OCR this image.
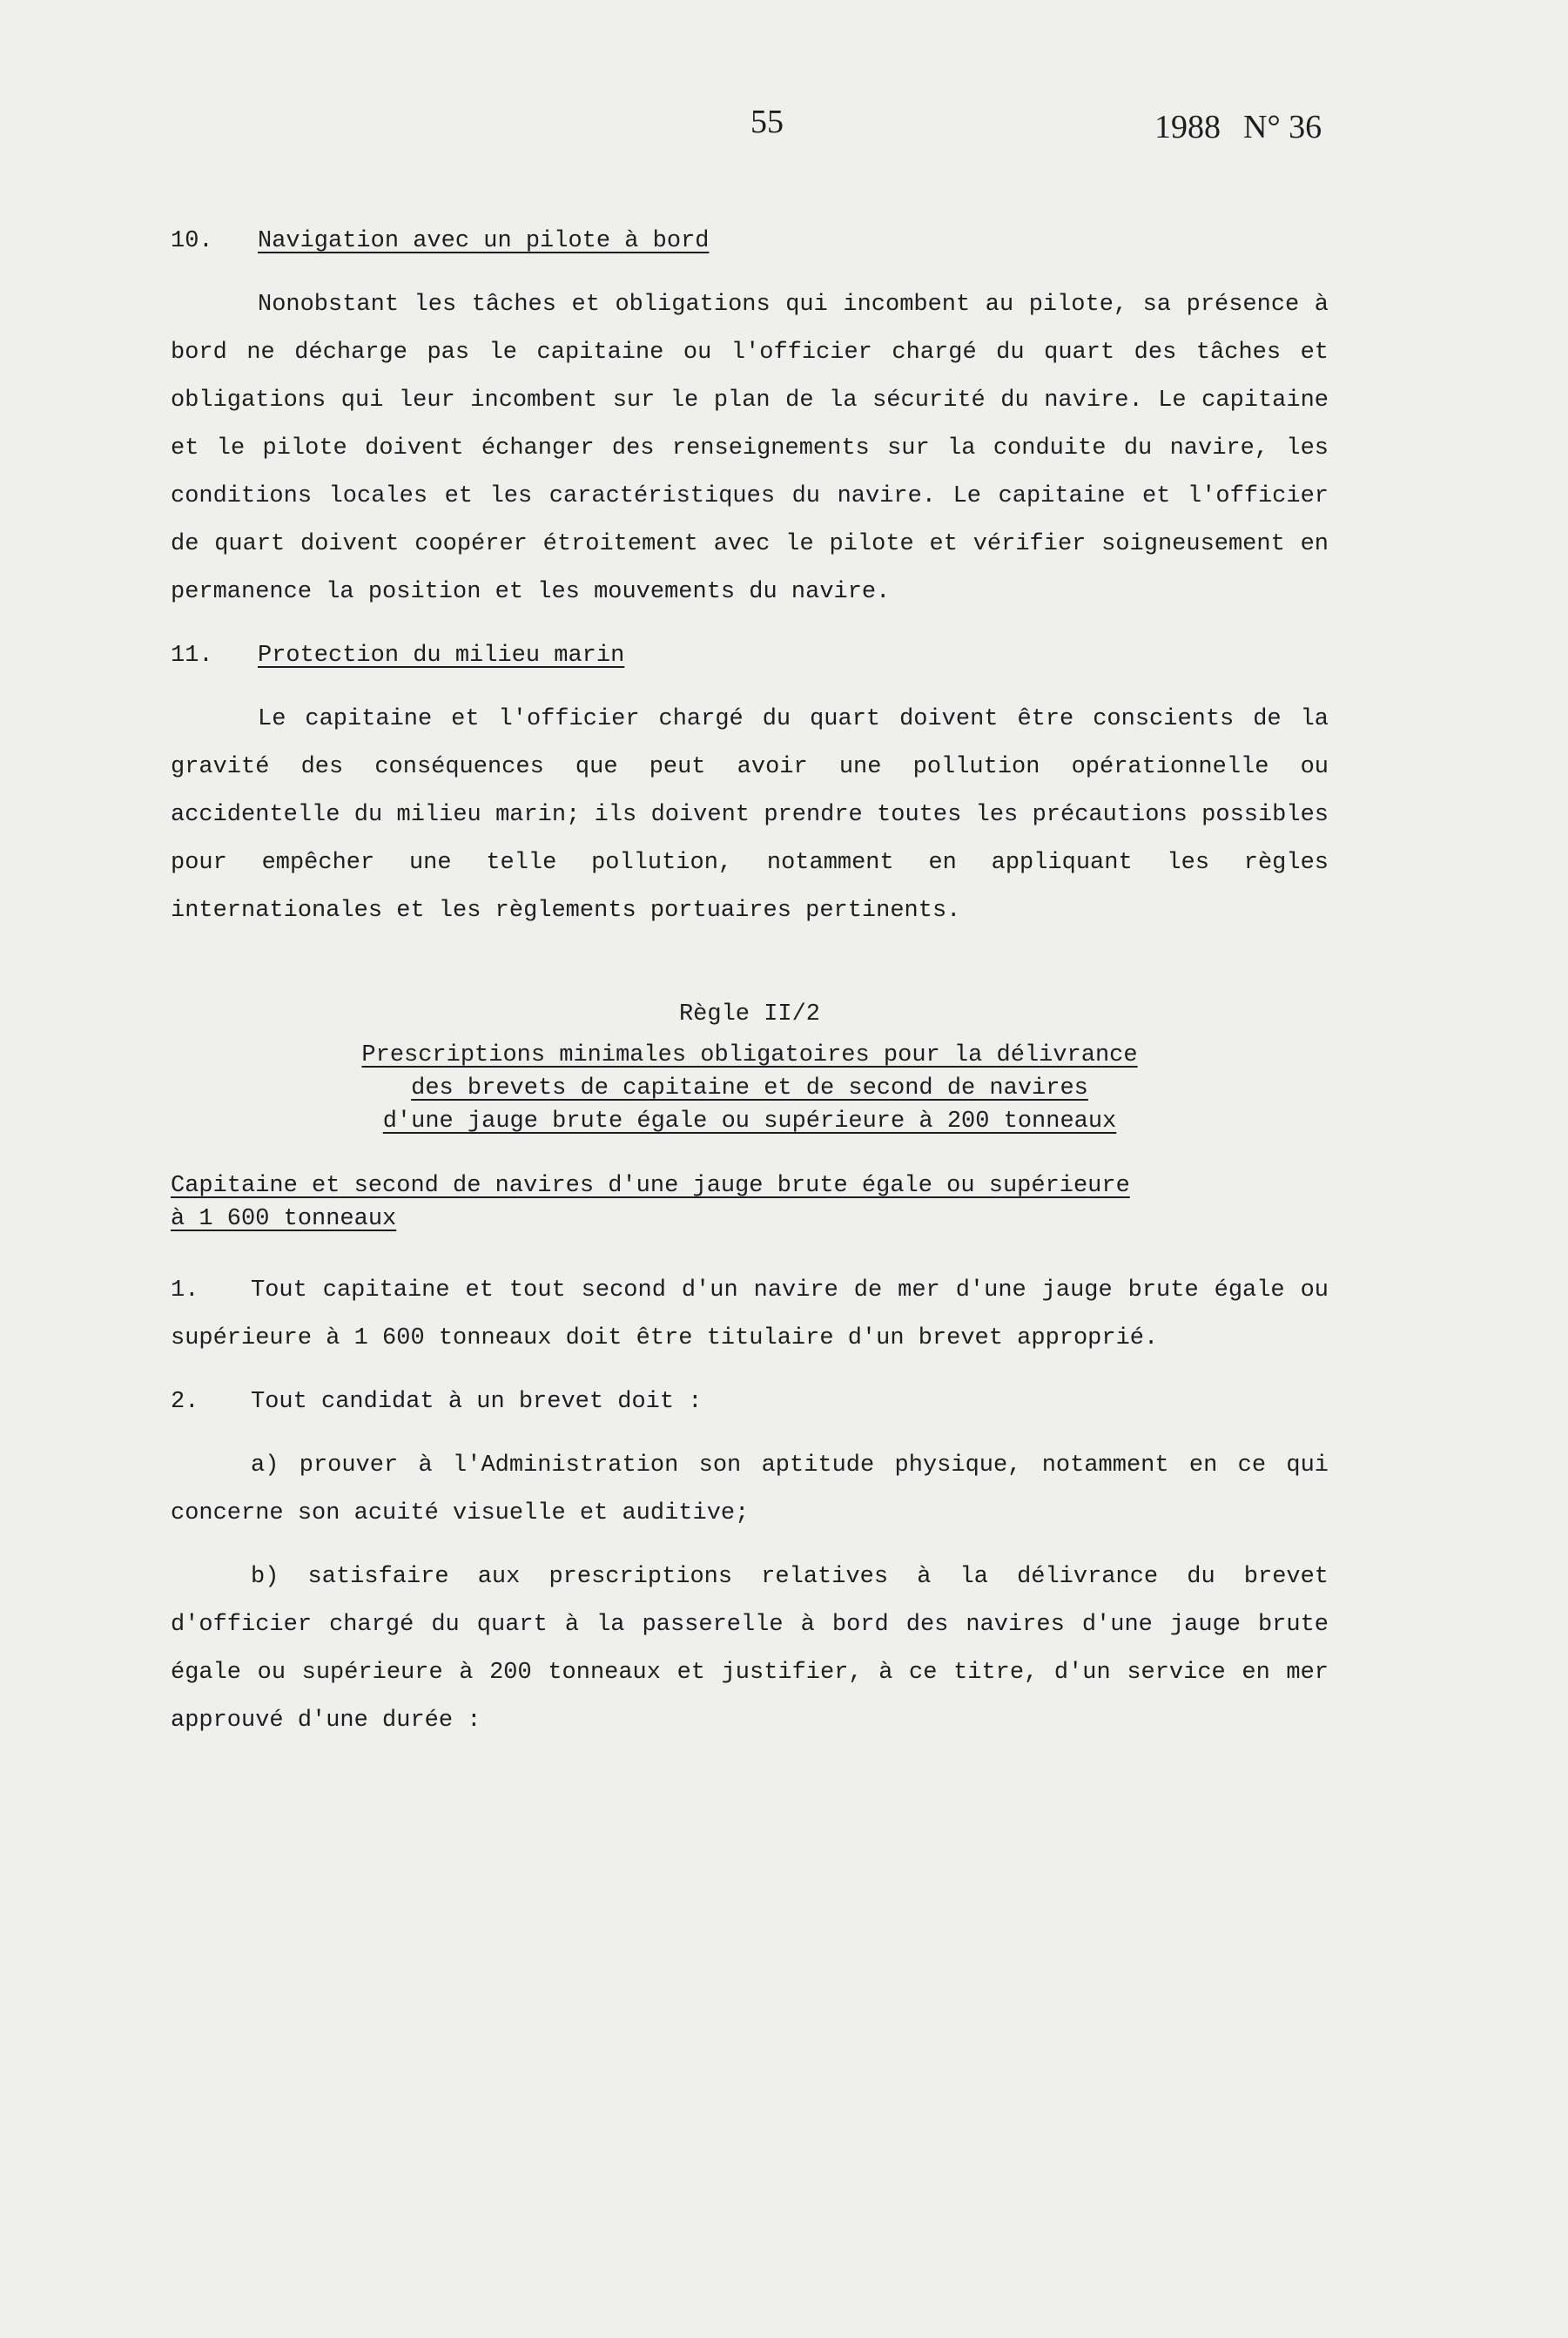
55	1988 N° 36

10. Navigation avec un pilote à bord

Nonobstant les tâches et obligations qui incombent au pilote, sa présence à bord ne décharge pas le capitaine ou l'officier chargé du quart des tâches et obligations qui leur incombent sur le plan de la sécurité du navire. Le capitaine et le pilote doivent échanger des renseignements sur la conduite du navire, les conditions locales et les caractéristiques du navire. Le capitaine et l'officier de quart doivent coopérer étroitement avec le pilote et vérifier soigneusement en permanence la position et les mouvements du navire.

11. Protection du milieu marin

Le capitaine et l'officier chargé du quart doivent être conscients de la gravité des conséquences que peut avoir une pollution opérationnelle ou accidentelle du milieu marin; ils doivent prendre toutes les précautions possibles pour empêcher une telle pollution, notamment en appliquant les règles internationales et les règlements portuaires pertinents.

Règle II/2

Prescriptions minimales obligatoires pour la délivrance
des brevets de capitaine et de second de navires
d'une jauge brute égale ou supérieure à 200 tonneaux
Capitaine et second de navires d'une jauge brute égale ou supérieure
à 1 600 tonneaux

1. Tout capitaine et tout second d'un navire de mer d'une jauge brute égale ou supérieure à 1 600 tonneaux doit être titulaire d'un brevet approprié.

2. Tout candidat à un brevet doit :

a) prouver à l'Administration son aptitude physique, notamment en ce qui concerne son acuité visuelle et auditive;

b) satisfaire aux prescriptions relatives à la délivrance du brevet d'officier chargé du quart à la passerelle à bord des navires d'une jauge brute égale ou supérieure à 200 tonneaux et justifier, à ce titre, d'un service en mer approuvé d'une durée :
